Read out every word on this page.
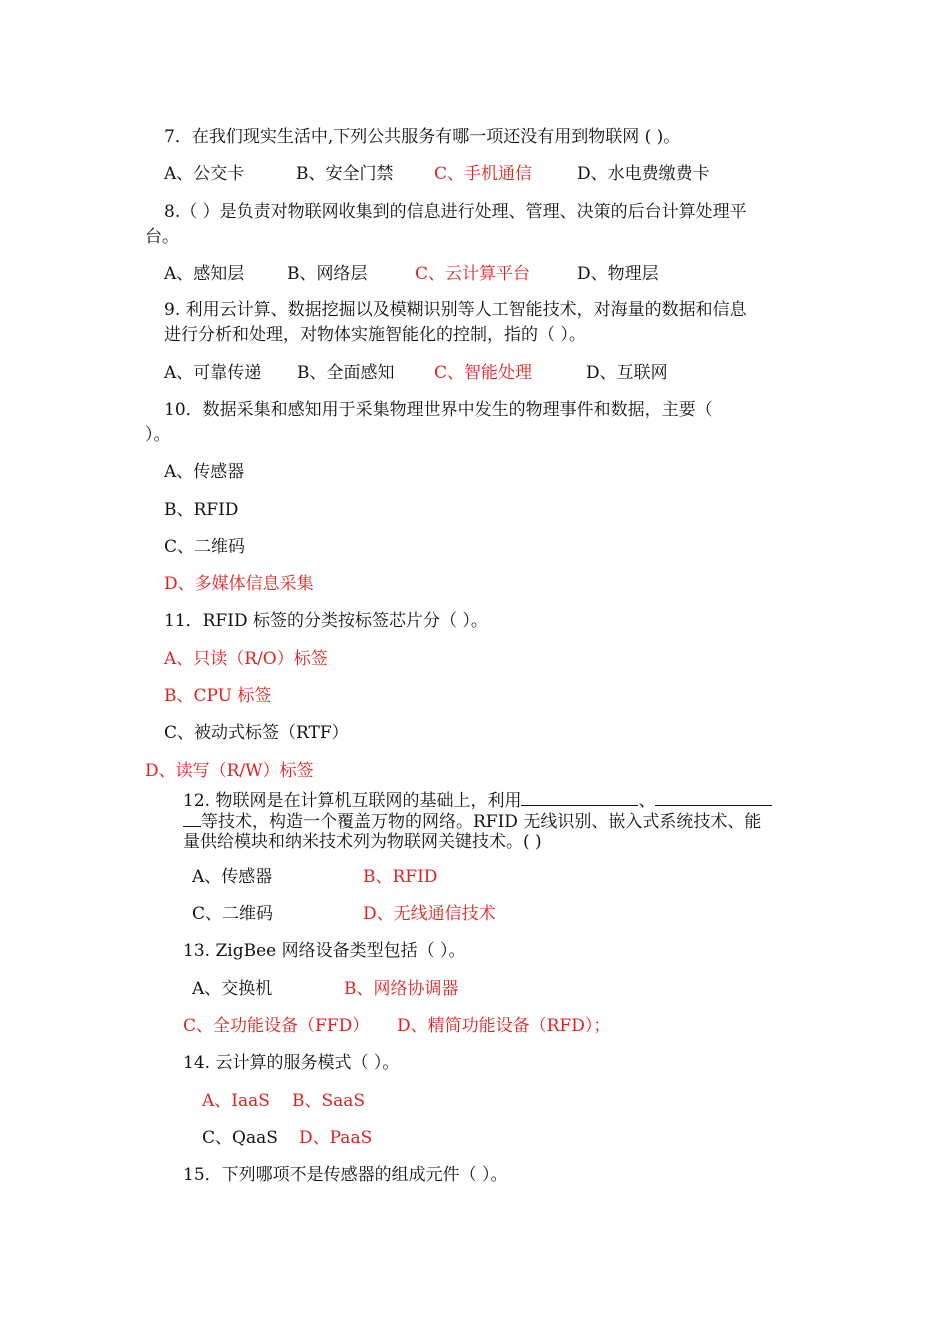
7．在我们现实生活中,下列公共服务有哪一项还没有用到物联网 ( )。
A、公交卡	B、安全门禁 C、手机通信	D、水电费缴费卡
8.（ ）是负责对物联网收集到的信息进行处理、管理、决策的后台计算处理平
台。
A、感知层	B、网络层	C、云计算平台	D、物理层
9. 利用云计算、数据挖掘以及模糊识别等人工智能技术，对海量的数据和信息
进行分析和处理，对物体实施智能化的控制，指的（ ）。
A、可靠传递 B、全面感知 C、智能处理	D、互联网
10．数据采集和感知用于采集物理世界中发生的物理事件和数据，主要（
）。
A、传感器
B、RFID
C、二维码
D、多媒体信息采集
11．RFID 标签的分类按标签芯片分（ ）。
A、只读（R/O）标签
B、CPU 标签
C、被动式标签（RTF）
D、读写（R/W）标签
12. 物联网是在计算机互联网的基础上，利用	、
等技术，构造一个覆盖万物的网络。RFID 无线识别、嵌入式系统技术、能
量供给模块和纳米技术列为物联网关键技术。( )
A、传感器	B、RFID
C、二维码	D、无线通信技术
13. ZigBee 网络设备类型包括（ ）。
A、交换机	B、网络协调器
C、全功能设备（FFD） D、精简功能设备（RFD）；
14. 云计算的服务模式（ ）。
A、IaaS B、SaaS
C、QaaS D、PaaS
15．下列哪项不是传感器的组成元件（ ）。
